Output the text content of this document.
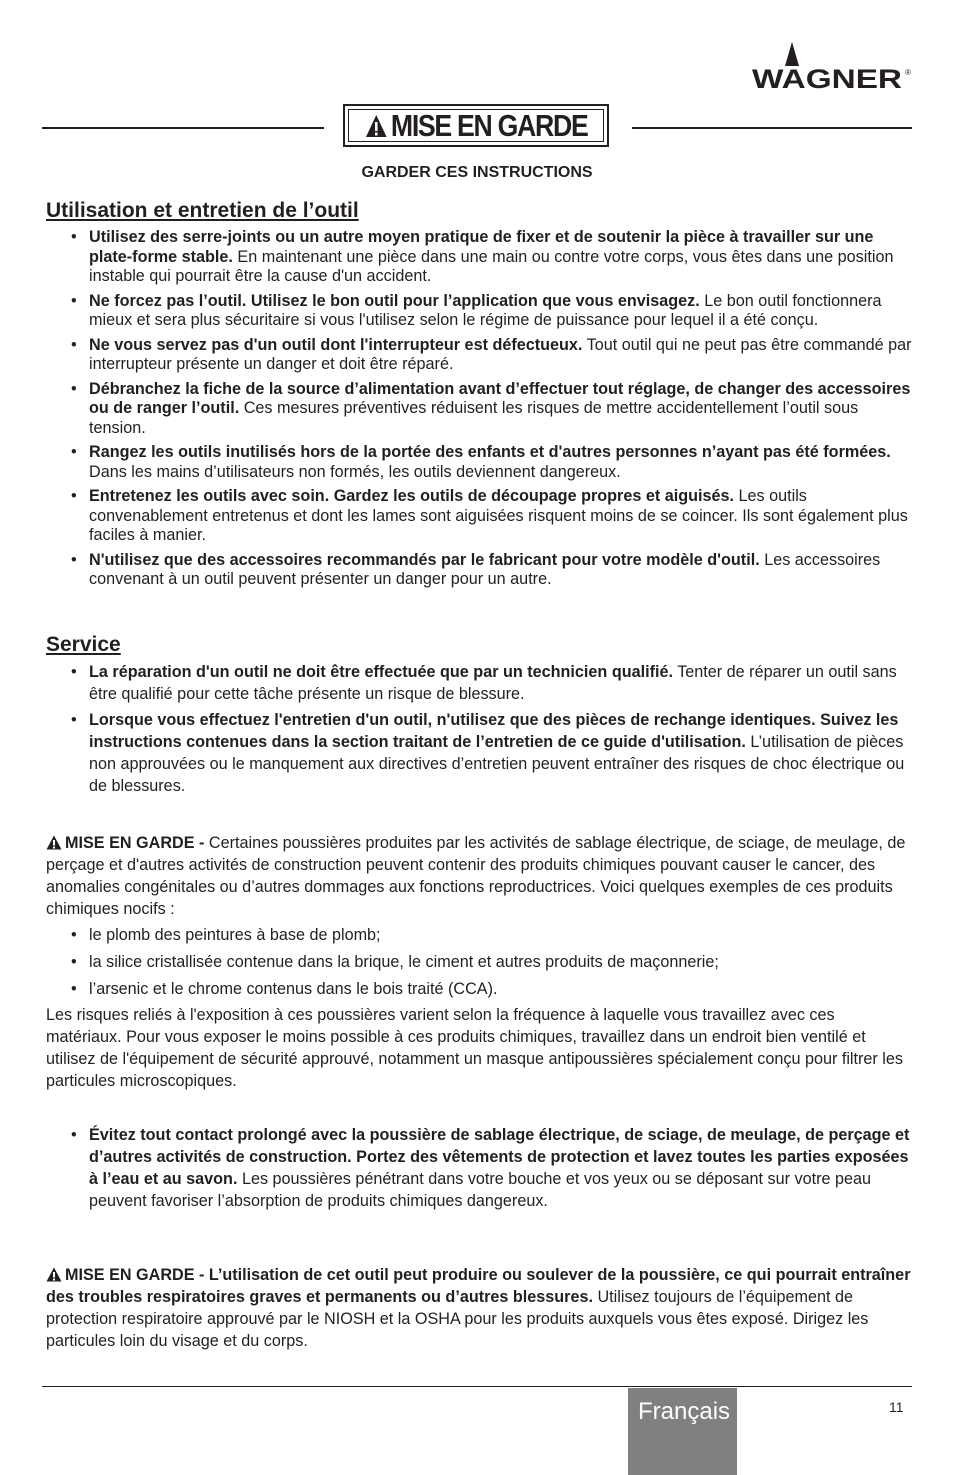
WAGNER ®
MISE EN GARDE
GARDER CES INSTRUCTIONS
Utilisation et entretien de l’outil
• Utilisez des serre-joints ou un autre moyen pratique de fixer et de soutenir la pièce à travailler sur une plate-forme stable. En maintenant une pièce dans une main ou contre votre corps, vous êtes dans une position instable qui pourrait être la cause d'un accident.
• Ne forcez pas l’outil. Utilisez le bon outil pour l’application que vous envisagez. Le bon outil fonctionnera mieux et sera plus sécuritaire si vous l'utilisez selon le régime de puissance pour lequel il a été conçu.
• Ne vous servez pas d'un outil dont l'interrupteur est défectueux. Tout outil qui ne peut pas être commandé par interrupteur présente un danger et doit être réparé.
• Débranchez la fiche de la source d’alimentation avant d’effectuer tout réglage, de changer des accessoires ou de ranger l’outil. Ces mesures préventives réduisent les risques de mettre accidentellement l’outil sous tension.
• Rangez les outils inutilisés hors de la portée des enfants et d'autres personnes n’ayant pas été formées. Dans les mains d’utilisateurs non formés, les outils deviennent dangereux.
• Entretenez les outils avec soin. Gardez les outils de découpage propres et aiguisés. Les outils convenablement entretenus et dont les lames sont aiguisées risquent moins de se coincer. Ils sont également plus faciles à manier.
• N'utilisez que des accessoires recommandés par le fabricant pour votre modèle d'outil. Les accessoires convenant à un outil peuvent présenter un danger pour un autre.
Service
• La réparation d'un outil ne doit être effectuée que par un technicien qualifié. Tenter de réparer un outil sans être qualifié pour cette tâche présente un risque de blessure.
• Lorsque vous effectuez l'entretien d'un outil, n'utilisez que des pièces de rechange identiques. Suivez les instructions contenues dans la section traitant de l’entretien de ce guide d'utilisation. L’utilisation de pièces non approuvées ou le manquement aux directives d’entretien peuvent entraîner des risques de choc électrique ou de blessures.

MISE EN GARDE - Certaines poussières produites par les activités de sablage électrique, de sciage, de meulage, de perçage et d'autres activités de construction peuvent contenir des produits chimiques pouvant causer le cancer, des anomalies congénitales ou d’autres dommages aux fonctions reproductrices. Voici quelques exemples de ces produits chimiques nocifs :

• le plomb des peintures à base de plomb;
• la silice cristallisée contenue dans la brique, le ciment et autres produits de maçonnerie;
• l’arsenic et le chrome contenus dans le bois traité (CCA).

Les risques reliés à l'exposition à ces poussières varient selon la fréquence à laquelle vous travaillez avec ces matériaux. Pour vous exposer le moins possible à ces produits chimiques, travaillez dans un endroit bien ventilé et utilisez de l'équipement de sécurité approuvé, notamment un masque antipoussières spécialement conçu pour filtrer les particules microscopiques.

• Évitez tout contact prolongé avec la poussière de sablage électrique, de sciage, de meulage, de perçage et d’autres activités de construction. Portez des vêtements de protection et lavez toutes les parties exposées à l’eau et au savon. Les poussières pénétrant dans votre bouche et vos yeux ou se déposant sur votre peau peuvent favoriser l’absorption de produits chimiques dangereux.

MISE EN GARDE - L’utilisation de cet outil peut produire ou soulever de la poussière, ce qui pourrait entraîner des troubles respiratoires graves et permanents ou d’autres blessures. Utilisez toujours de l’équipement de protection respiratoire approuvé par le NIOSH et la OSHA pour les produits auxquels vous êtes exposé. Dirigez les particules loin du visage et du corps.

Français	11
